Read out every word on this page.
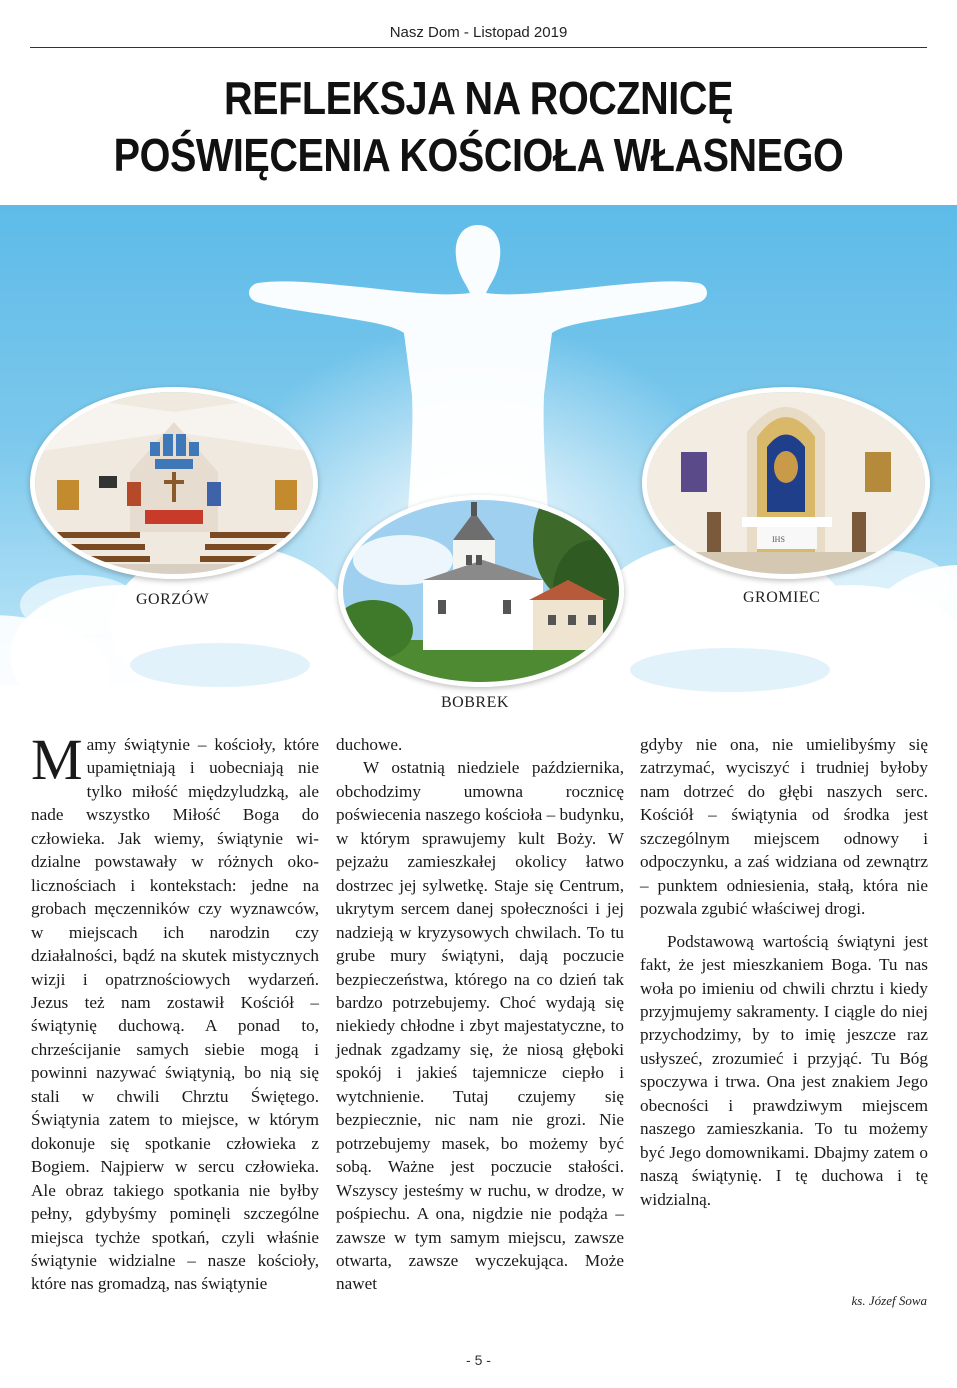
Nasz Dom - Listopad 2019
REFLEKSJA NA ROCZNICĘ
POŚWIĘCENIA KOŚCIOŁA WŁASNEGO
IHS
GORZÓW
BOBREK
GROMIEC

Mamy świątynie – kościoły, które upamiętniają i uobecniają nie tylko miłość międzyludzką, ale nade wszystko Miłość Boga do człowieka. Jak wiemy, świątynie widzialne powstawały w różnych okolicznościach i kontekstach: jedne na grobach męczenników czy wyznawców, w miejscach ich narodzin czy działalności, bądź na skutek mistycznych wizji i opatrznościowych wydarzeń. Jezus też nam zostawił Kościół – świątynię duchową. A ponad to, chrześcijanie samych siebie mogą i powinni nazywać świątynią, bo nią się stali w chwili Chrztu Świętego. Świątynia zatem to miejsce, w którym dokonuje się spotkanie człowieka z Bogiem. Najpierw w sercu człowieka. Ale obraz takiego spotkania nie byłby pełny, gdybyśmy pominęli szczególne miejsca tychże spotkań, czyli właśnie świątynie widzialne – nasze kościoły, które nas gromadzą, nas świątynie

duchowe.

W ostatnią niedziele października, obchodzimy umowna rocznicę poświecenia naszego kościoła – budynku, w którym sprawujemy kult Boży. W pejzażu zamieszkałej okolicy łatwo dostrzec jej sylwetkę. Staje się Centrum, ukrytym sercem danej społeczności i jej nadzieją w kryzysowych chwilach. To tu grube mury świątyni, dają poczucie bezpieczeństwa, którego na co dzień tak bardzo potrzebujemy. Choć wydają się niekiedy chłodne i zbyt majestatyczne, to jednak zgadzamy się, że niosą głęboki spokój i jakieś tajemnicze ciepło i wytchnienie. Tutaj czujemy się bezpiecznie, nic nam nie grozi. Nie potrzebujemy masek, bo możemy być sobą. Ważne jest poczucie stałości. Wszyscy jesteśmy w ruchu, w drodze, w pośpiechu. A ona, nigdzie nie podąża – zawsze w tym samym miejscu, zawsze otwarta, zawsze wyczekująca. Może nawet

gdyby nie ona, nie umielibyśmy się zatrzymać, wyciszyć i trudniej byłoby nam dotrzeć do głębi naszych serc. Kościół – świątynia od środka jest szczególnym miejscem odnowy i odpoczynku, a zaś widziana od zewnątrz – punktem odniesienia, stałą, która nie pozwala zgubić właściwej drogi.

Podstawową wartością świątyni jest fakt, że jest mieszkaniem Boga. Tu nas woła po imieniu od chwili chrztu i kiedy przyjmujemy sakramenty. I ciągle do niej przychodzimy, by to imię jeszcze raz usłyszeć, zrozumieć i przyjąć. Tu Bóg spoczywa i trwa. Ona jest znakiem Jego obecności i prawdziwym miejscem naszego zamieszkania. To tu możemy być Jego domownikami. Dbajmy zatem o naszą świątynię. I tę duchowa i tę widzialną.

ks. Józef Sowa
- 5 -
